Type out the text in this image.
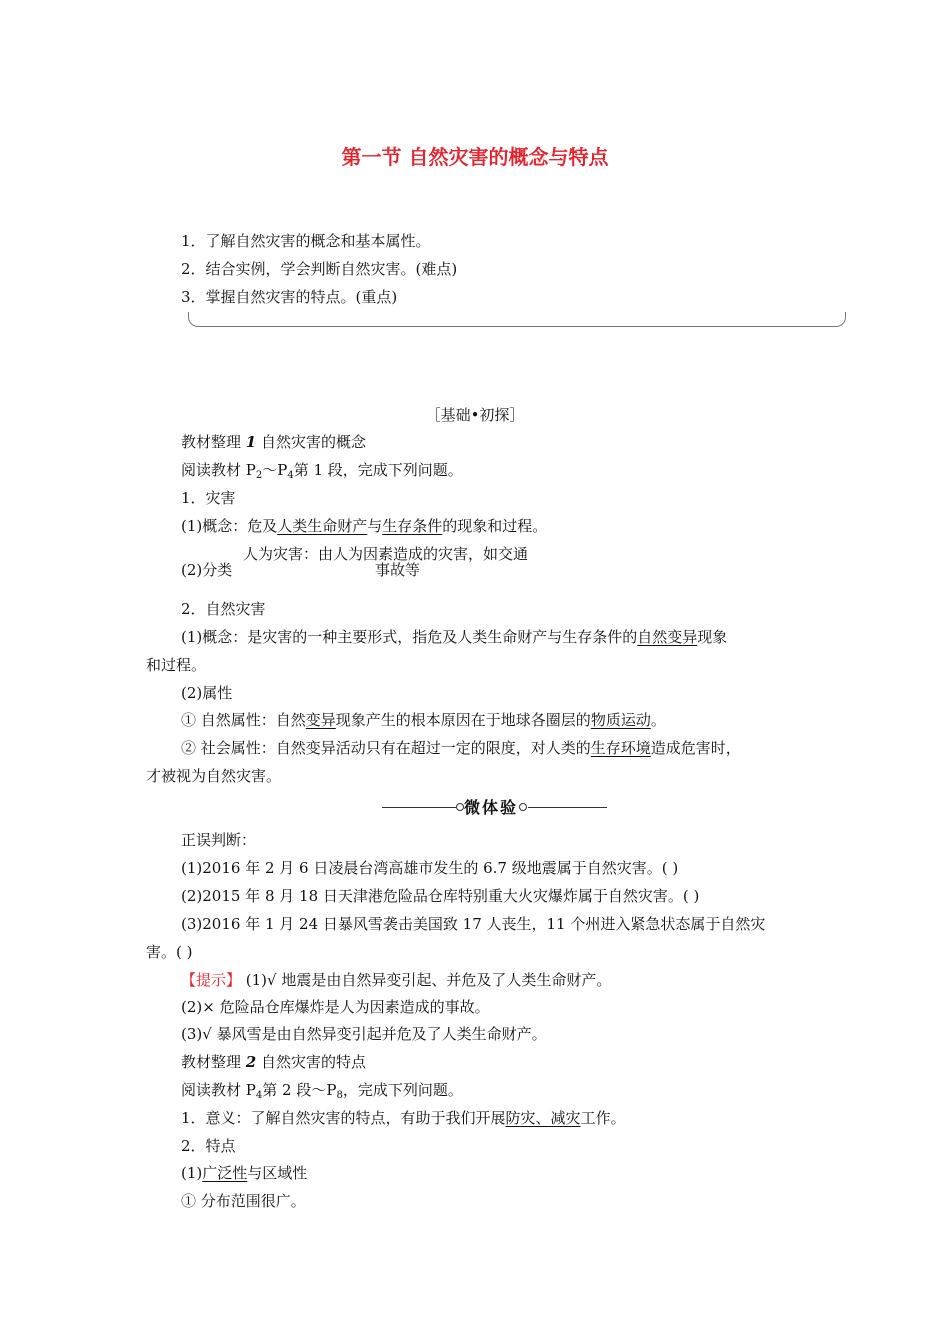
第一节 自然灾害的概念与特点
1．了解自然灾害的概念和基本属性。
2．结合实例，学会判断自然灾害。(难点)
3．掌握自然灾害的特点。(重点)
［基础•初探］
教材整理 1 自然灾害的概念
阅读教材 $P_2\sim P_4$第 1 段，完成下列问题。
1．灾害
(1)概念：危及人类生命财产与生存条件的现象和过程。
人为灾害：由人为因素造成的灾害，如交通
(2)分类	事故等
2．自然灾害
(1)概念：是灾害的一种主要形式，指危及人类生命财产与生存条件的自然变异现象
和过程。
(2)属性
① 自然属性：自然变异现象产生的根本原因在于地球各圈层的物质运动。
② 社会属性：自然变异活动只有在超过一定的限度，对人类的生存环境造成危害时，
才被视为自然灾害。
微体验
正误判断：
(1)2016 年 2 月 6 日凌晨台湾高雄市发生的 6.7 级地震属于自然灾害。( )
(2)2015 年 8 月 18 日天津港危险品仓库特别重大火灾爆炸属于自然灾害。( )
(3)2016 年 1 月 24 日暴风雪袭击美国致 17 人丧生，11 个州进入紧急状态属于自然灾
害。( )
【提示】 (1)√ 地震是由自然异变引起、并危及了人类生命财产。
(2)× 危险品仓库爆炸是人为因素造成的事故。
(3)√ 暴风雪是由自然异变引起并危及了人类生命财产。
教材整理 2 自然灾害的特点
阅读教材 $P_4$第 2 段$\sim P_8$，完成下列问题。
1．意义：了解自然灾害的特点，有助于我们开展防灾、减灾工作。
2．特点
(1)广泛性与区域性
① 分布范围很广。
